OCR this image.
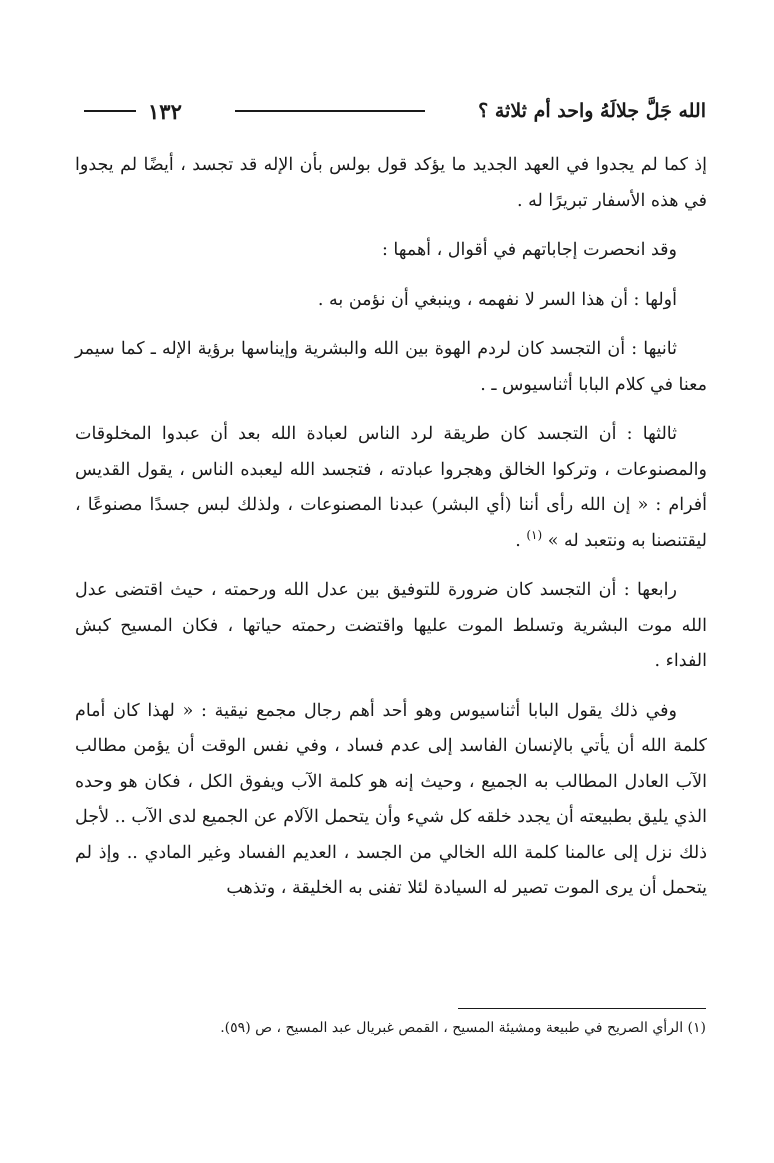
الله جَلَّ جلالَهُ واحد أم ثلاثة ؟
١٣٢

إذ كما لم يجدوا في العهد الجديد ما يؤكد قول بولس بأن الإله قد تجسد ، أيضًا لم يجدوا في هذه الأسفار تبريرًا له .

وقد انحصرت إجاباتهم في أقوال ، أهمها :

أولها : أن هذا السر لا نفهمه ، وينبغي أن نؤمن به .

ثانيها : أن التجسد كان لردم الهوة بين الله والبشرية وإيناسها برؤية الإله ـ كما سيمر معنا في كلام البابا أثناسيوس ـ .

ثالثها : أن التجسد كان طريقة لرد الناس لعبادة الله بعد أن عبدوا المخلوقات والمصنوعات ، وتركوا الخالق وهجروا عبادته ، فتجسد الله ليعبده الناس ، يقول القديس أفرام : « إن الله رأى أننا (أي البشر) عبدنا المصنوعات ، ولذلك لبس جسدًا مصنوعًا ، ليقتنصنا به ونتعبد له » $^{(١)}$ .

رابعها : أن التجسد كان ضرورة للتوفيق بين عدل الله ورحمته ، حيث اقتضى عدل الله موت البشرية وتسلط الموت عليها واقتضت رحمته حياتها ، فكان المسيح كبش الفداء .

وفي ذلك يقول البابا أثناسيوس وهو أحد أهم رجال مجمع نيقية : « لهذا كان أمام كلمة الله أن يأتي بالإنسان الفاسد إلى عدم فساد ، وفي نفس الوقت أن يؤمن مطالب الآب العادل المطالب به الجميع ، وحيث إنه هو كلمة الآب ويفوق الكل ، فكان هو وحده الذي يليق بطبيعته أن يجدد خلقه كل شيء وأن يتحمل الآلام عن الجميع لدى الآب .. لأجل ذلك نزل إلى عالمنا كلمة الله الخالي من الجسد ، العديم الفساد وغير المادي .. وإذ لم يتحمل أن يرى الموت تصير له السيادة لئلا تفنى به الخليقة ، وتذهب

(١) الرأي الصريح في طبيعة ومشيئة المسيح ، القمص غبريال عبد المسيح ، ص (٥٩).
